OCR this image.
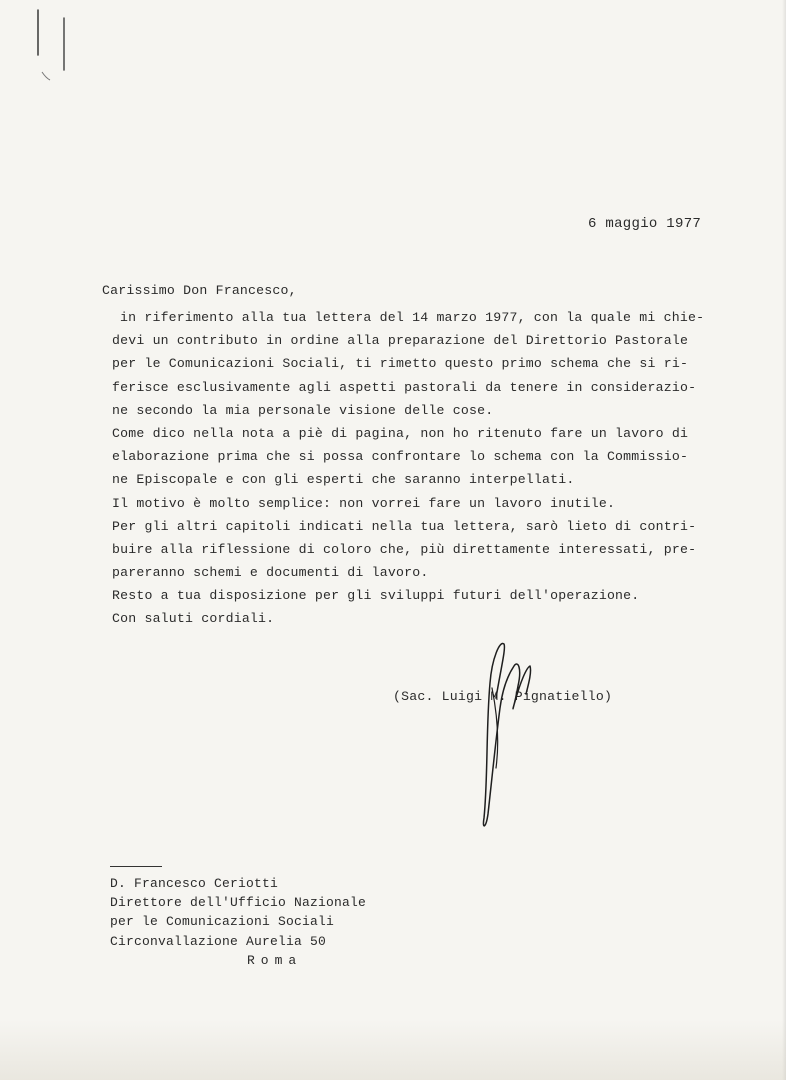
6 maggio 1977
Carissimo Don Francesco,
in riferimento alla tua lettera del 14 marzo 1977, con la quale mi chie-
devi un contributo in ordine alla preparazione del Direttorio Pastorale
per le Comunicazioni Sociali, ti rimetto questo primo schema che si ri-
ferisce esclusivamente agli aspetti pastorali da tenere in considerazio-
ne secondo la mia personale visione delle cose.
Come dico nella nota a piè di pagina, non ho ritenuto fare un lavoro di
elaborazione prima che si possa confrontare lo schema con la Commissio-
ne Episcopale e con gli esperti che saranno interpellati.
Il motivo è molto semplice: non vorrei fare un lavoro inutile.
Per gli altri capitoli indicati nella tua lettera, sarò lieto di contri-
buire alla riflessione di coloro che, più direttamente interessati, pre-
pareranno schemi e documenti di lavoro.
Resto a tua disposizione per gli sviluppi futuri dell'operazione.
Con saluti cordiali.
(Sac. Luigi M. Pignatiello)
D. Francesco Ceriotti
Direttore dell'Ufficio Nazionale
per le Comunicazioni Sociali
Circonvallazione Aurelia 50
Roma
